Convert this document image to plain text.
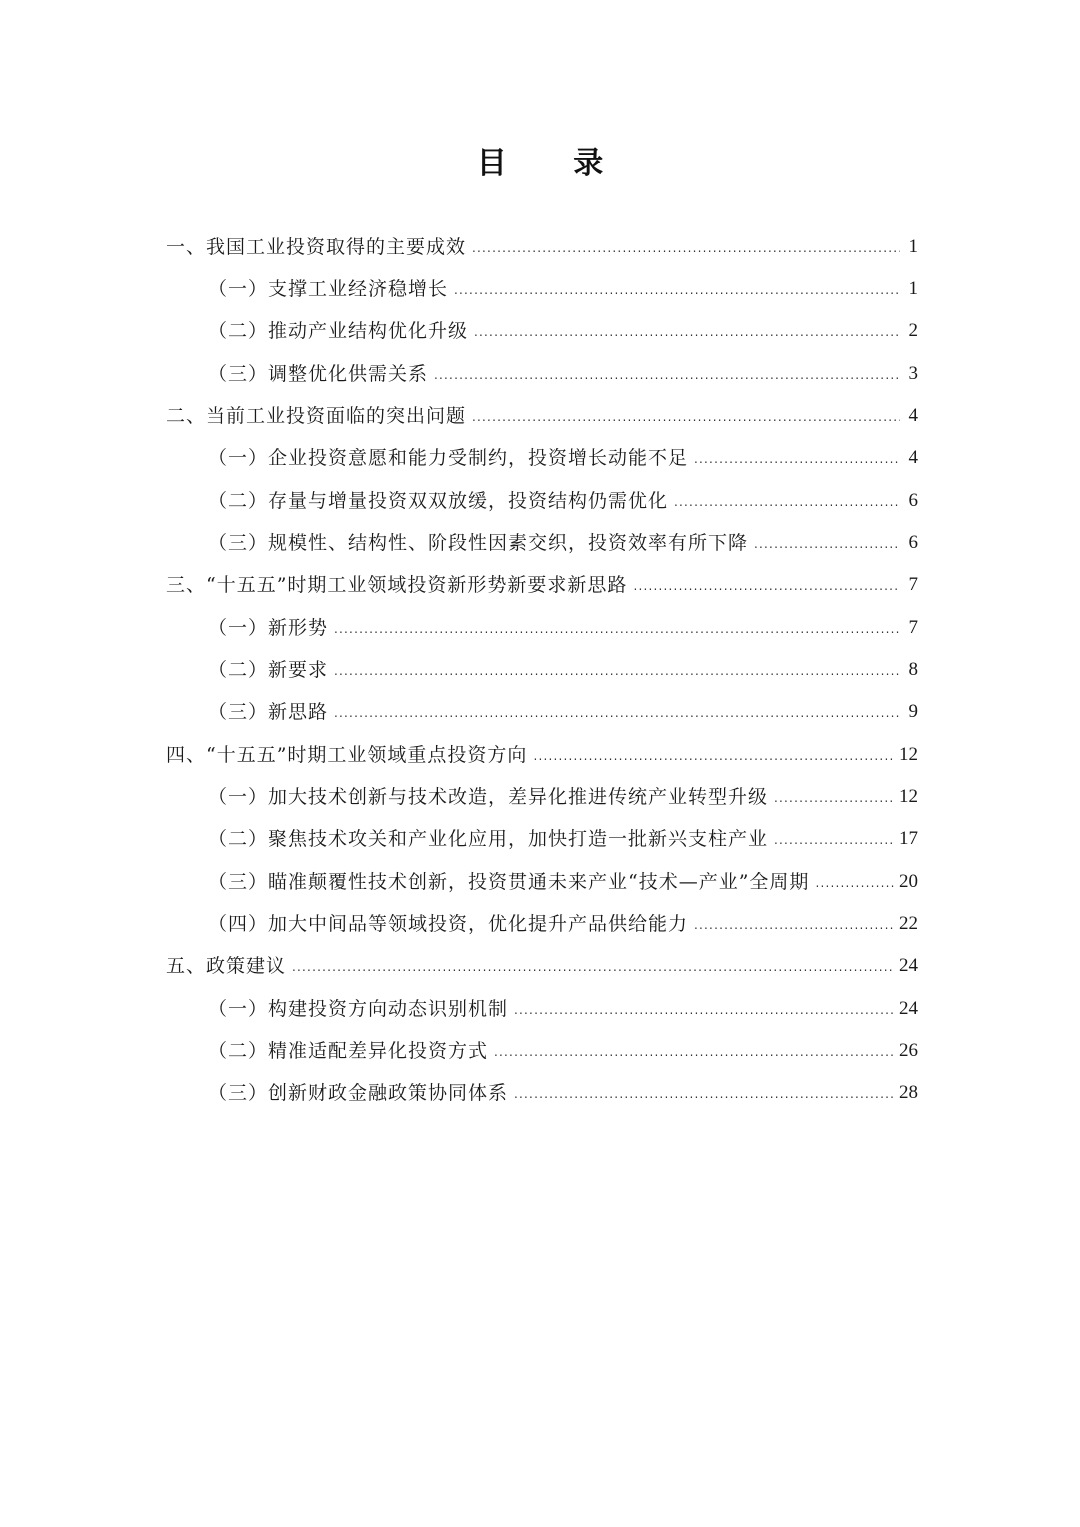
目 录
一、我国工业投资取得的主要成效 .....	1
（一）支撑工业经济稳增长 .....	1
（二）推动产业结构优化升级 .....	2
（三）调整优化供需关系 .....	3
二、当前工业投资面临的突出问题 .....	4
（一）企业投资意愿和能力受制约，投资增长动能不足 .....	4
（二）存量与增量投资双双放缓，投资结构仍需优化 .....	6
（三）规模性、结构性、阶段性因素交织，投资效率有所下降 .....	6
三、“十五五”时期工业领域投资新形势新要求新思路 .....	7
（一）新形势 .....	7
（二）新要求 .....	8
（三）新思路 .....	9
四、“十五五”时期工业领域重点投资方向 .....	12
（一）加大技术创新与技术改造，差异化推进传统产业转型升级 .....	12
（二）聚焦技术攻关和产业化应用，加快打造一批新兴支柱产业 .....	17
（三）瞄准颠覆性技术创新，投资贯通未来产业“技术—产业”全周期 .....	20
（四）加大中间品等领域投资，优化提升产品供给能力 .....	22
五、政策建议 .....	24
（一）构建投资方向动态识别机制 .....	24
（二）精准适配差异化投资方式 .....	26
（三）创新财政金融政策协同体系 .....	28
